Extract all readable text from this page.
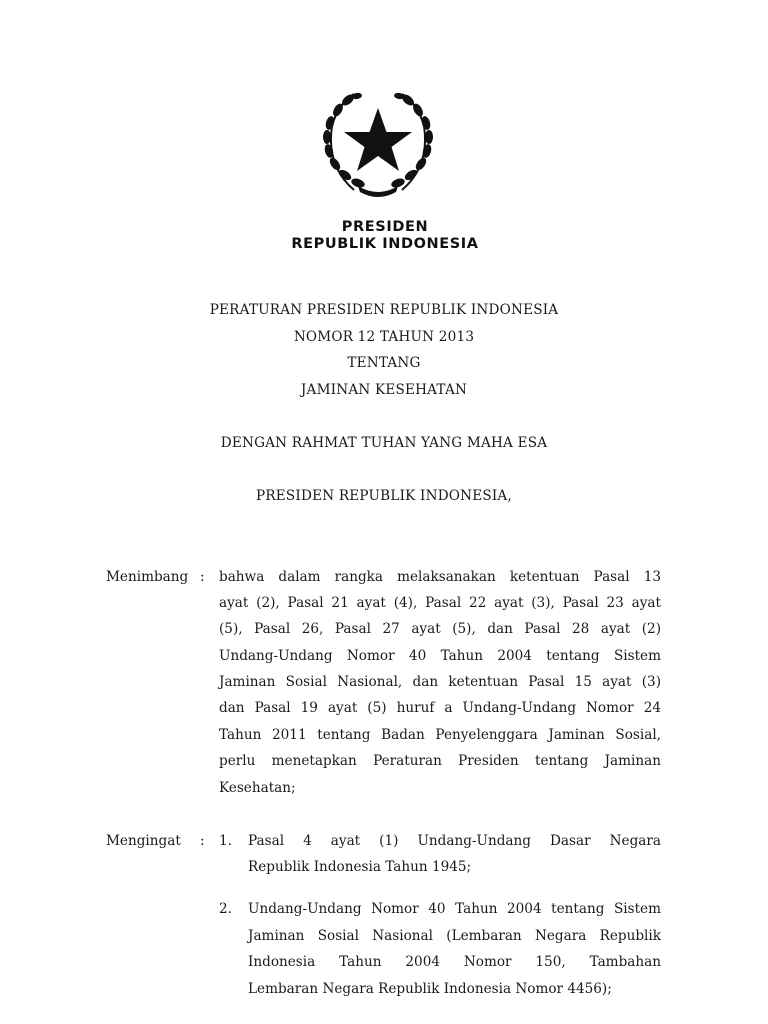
PRESIDEN
REPUBLIK INDONESIA
PERATURAN PRESIDEN REPUBLIK INDONESIA
NOMOR 12 TAHUN 2013
TENTANG
JAMINAN KESEHATAN
DENGAN RAHMAT TUHAN YANG MAHA ESA
PRESIDEN REPUBLIK INDONESIA,
Menimbang : bahwa dalam rangka melaksanakan ketentuan Pasal 13
ayat (2), Pasal 21 ayat (4), Pasal 22 ayat (3), Pasal 23 ayat
(5), Pasal 26, Pasal 27 ayat (5), dan Pasal 28 ayat (2)
Undang-Undang Nomor 40 Tahun 2004 tentang Sistem
Jaminan Sosial Nasional, dan ketentuan Pasal 15 ayat (3)
dan Pasal 19 ayat (5) huruf a Undang-Undang Nomor 24
Tahun 2011 tentang Badan Penyelenggara Jaminan Sosial,
perlu menetapkan Peraturan Presiden tentang Jaminan
Kesehatan;
Mengingat : 1. Pasal 4 ayat (1) Undang-Undang Dasar Negara
Republik Indonesia Tahun 1945;
2. Undang-Undang Nomor 40 Tahun 2004 tentang Sistem
Jaminan Sosial Nasional (Lembaran Negara Republik
Indonesia Tahun 2004 Nomor 150, Tambahan
Lembaran Negara Republik Indonesia Nomor 4456);
